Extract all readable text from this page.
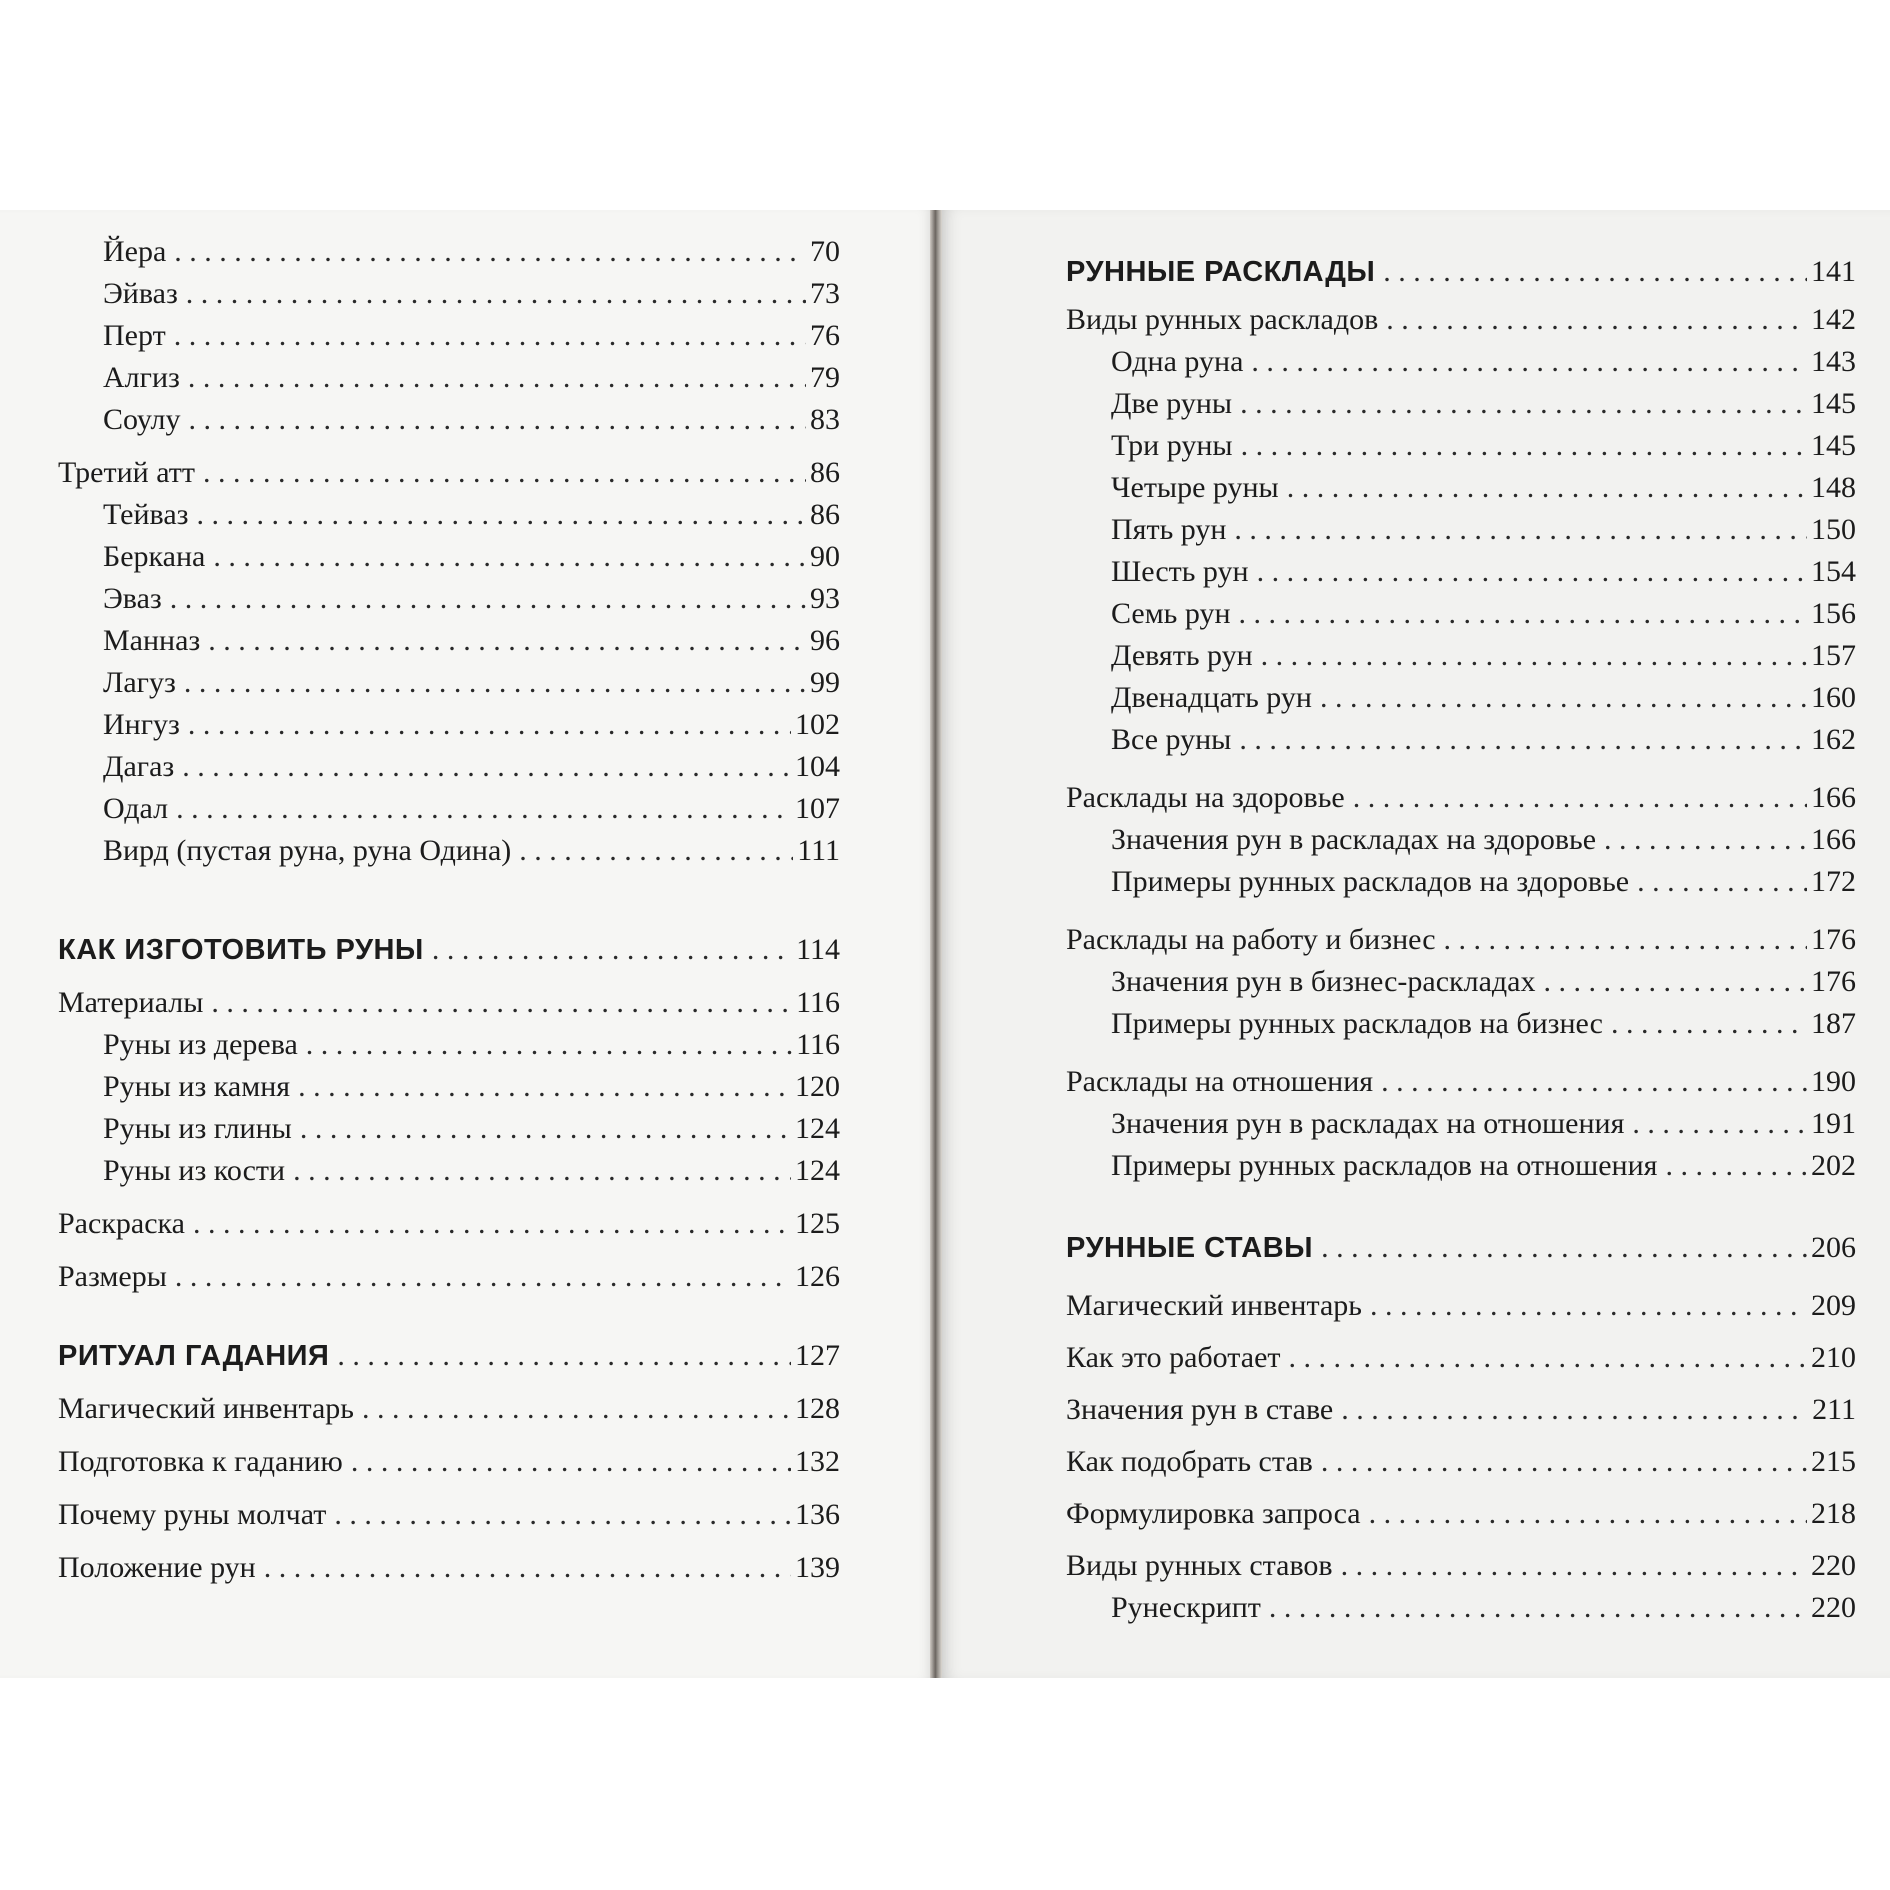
Йера . . .	70
Эйваз . . .	73
Перт . . .	76
Алгиз . . .	79
Соулу . . .	83
Третий атт . . .	86
Тейваз . . .	86
Беркана . . .	90
Эваз . . .	93
Манназ . . .	96
Лагуз . . .	99
Ингуз . . .	102
Дагаз . . .	104
Одал . . .	107
Вирд (пустая руна, руна Одина) . . .	111
КАК ИЗГОТОВИТЬ РУНЫ . . .	114
Материалы . . .	116
Руны из дерева . . .	116
Руны из камня . . .	120
Руны из глины . . .	124
Руны из кости . . .	124
Раскраска . . .	125
Размеры . . .	126
РИТУАЛ ГАДАНИЯ . . .	127
Магический инвентарь . . .	128
Подготовка к гаданию . . .	132
Почему руны молчат . . .	136
Положение рун . . .	139
РУННЫЕ РАСКЛАДЫ . . .	141
Виды рунных раскладов . . .	142
Одна руна . . .	143
Две руны . . .	145
Три руны . . .	145
Четыре руны . . .	148
Пять рун . . .	150
Шесть рун . . .	154
Семь рун . . .	156
Девять рун . . .	157
Двенадцать рун . . .	160
Все руны . . .	162
Расклады на здоровье . . .	166
Значения рун в раскладах на здоровье . . .	166
Примеры рунных раскладов на здоровье . . .	172
Расклады на работу и бизнес . . .	176
Значения рун в бизнес-раскладах . . .	176
Примеры рунных раскладов на бизнес . . .	187
Расклады на отношения . . .	190
Значения рун в раскладах на отношения . . .	191
Примеры рунных раскладов на отношения . . .	202
РУННЫЕ СТАВЫ . . .	206
Магический инвентарь . . .	209
Как это работает . . .	210
Значения рун в ставе . . .	211
Как подобрать став . . .	215
Формулировка запроса . . .	218
Виды рунных ставов . . .	220
Рунескрипт . . .	220
